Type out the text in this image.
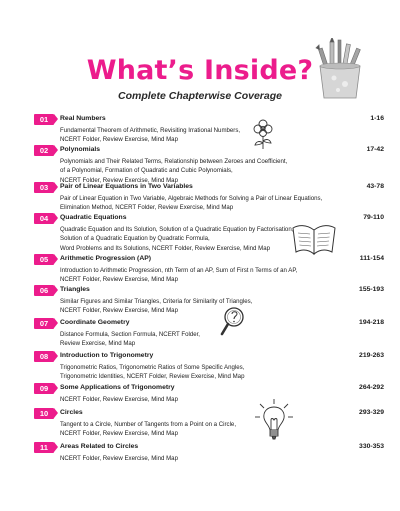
What’s Inside?
Complete Chapterwise Coverage
01	Real Numbers	1-16
Fundamental Theorem of Arithmetic, Revisiting Irrational Numbers,
NCERT Folder, Review Exercise, Mind Map
02	Polynomials	17-42
Polynomials and Their Related Terms, Relationship between Zeroes and Coefficient,
of a Polynomial, Formation of Quadratic and Cubic Polynomials,
NCERT Folder, Review Exercise, Mind Map
03	Pair of Linear Equations in Two Variables	43-78
Pair of Linear Equation in Two Variable, Algebraic Methods for Solving a Pair of Linear Equations,
Elimination Method, NCERT Folder, Review Exercise, Mind Map
04	Quadratic Equations	79-110
Quadratic Equation and Its Solution, Solution of a Quadratic Equation by Factorisation,
Solution of a Quadratic Equation by Quadratic Formula,
Word Problems and Its Solutions, NCERT Folder, Review Exercise, Mind Map
05	Arithmetic Progression (AP)	111-154
Introduction to Arithmetic Progression, nth Term of an AP, Sum of First n Terms of an AP,
NCERT Folder, Review Exercise, Mind Map
06	Triangles	155-193
Similar Figures and Similar Triangles, Criteria for Similarity of Triangles,
NCERT Folder, Review Exercise, Mind Map
07	Coordinate Geometry	194-218
Distance Formula, Section Formula, NCERT Folder,
Review Exercise, Mind Map
08	Introduction to Trigonometry	219-263
Trigonometric Ratios, Trigonometric Ratios of Some Specific Angles,
Trigonometric Identities, NCERT Folder, Review Exercise, Mind Map
09	Some Applications of Trigonometry	264-292
NCERT Folder, Review Exercise, Mind Map
10	Circles	293-329
Tangent to a Circle, Number of Tangents from a Point on a Circle,
NCERT Folder, Review Exercise, Mind Map
11	Areas Related to Circles	330-353
NCERT Folder, Review Exercise, Mind Map
